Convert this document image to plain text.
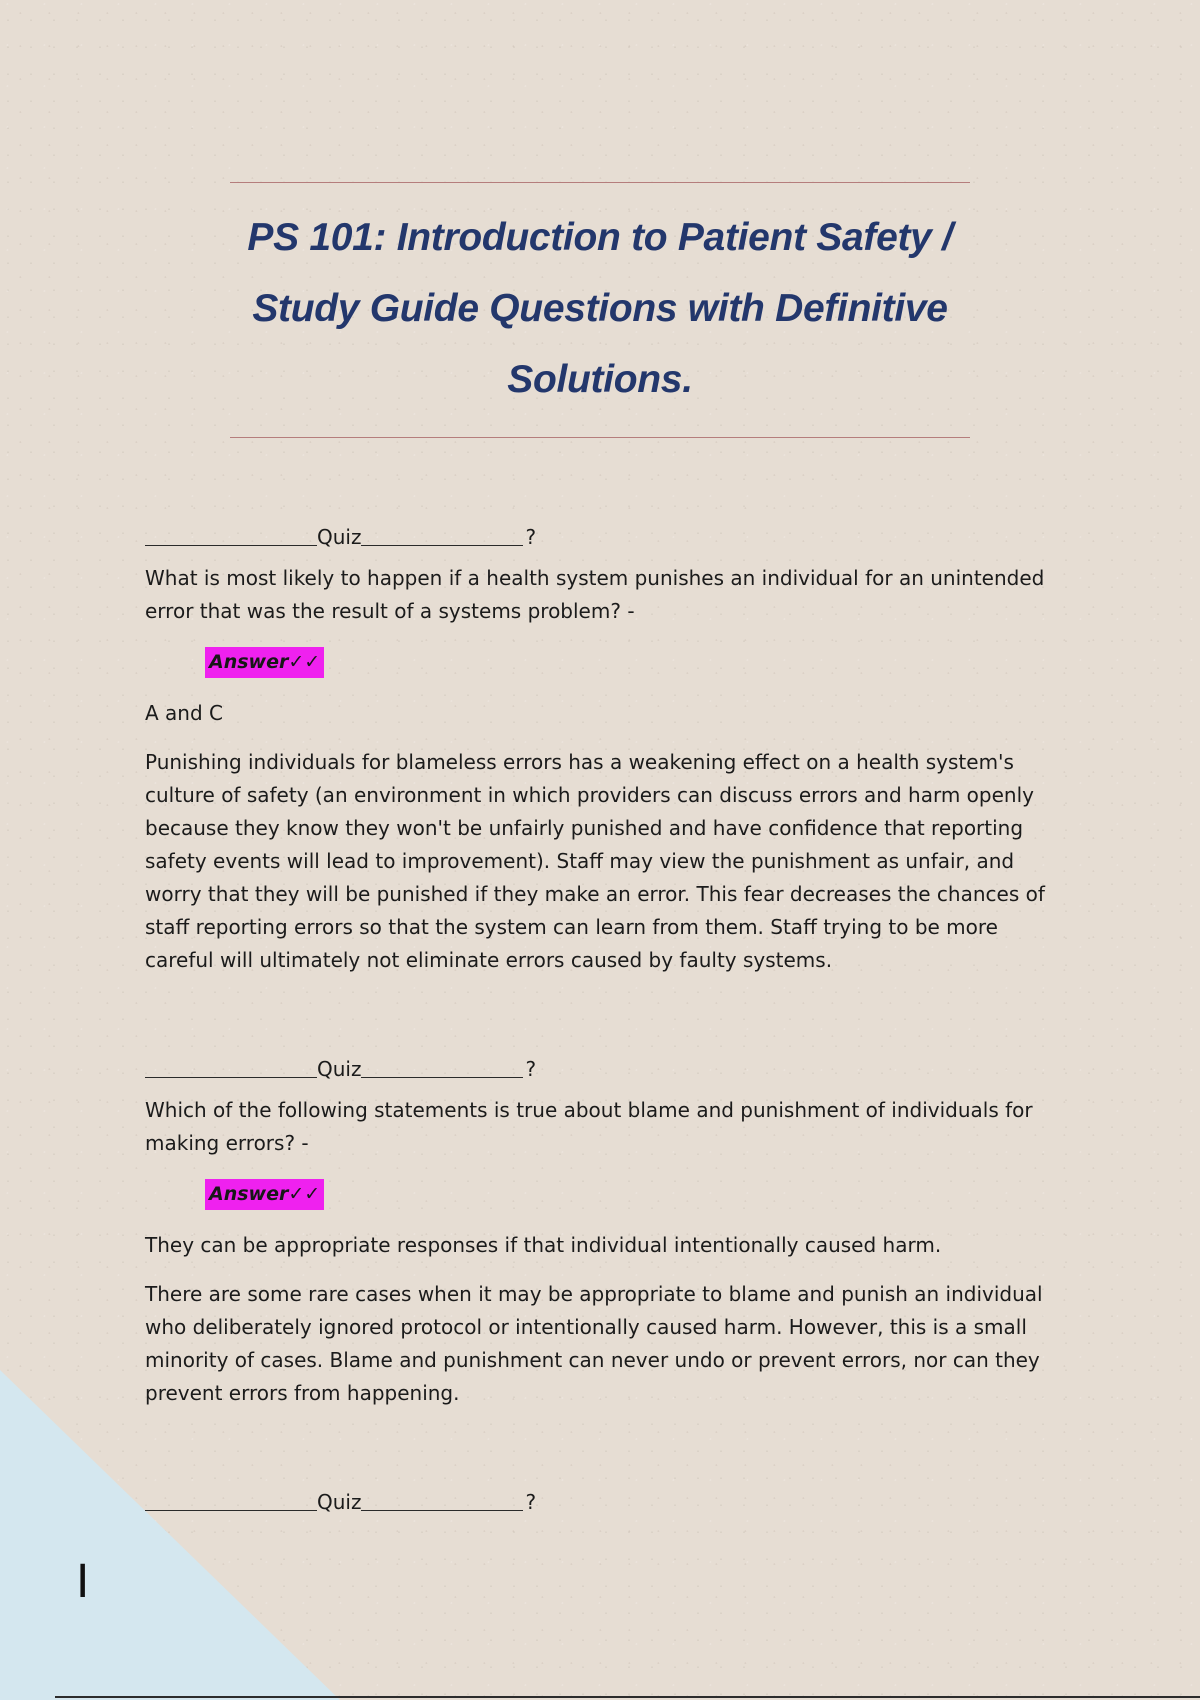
PS 101: Introduction to Patient Safety / Study Guide Questions with Definitive Solutions.
Quiz	?

What is most likely to happen if a health system punishes an individual for an unintended error that was the result of a systems problem? -

Answer✓✓

A and C

Punishing individuals for blameless errors has a weakening effect on a health system's culture of safety (an environment in which providers can discuss errors and harm openly because they know they won't be unfairly punished and have confidence that reporting safety events will lead to improvement). Staff may view the punishment as unfair, and worry that they will be punished if they make an error. This fear decreases the chances of staff reporting errors so that the system can learn from them. Staff trying to be more careful will ultimately not eliminate errors caused by faulty systems.

Quiz	?

Which of the following statements is true about blame and punishment of individuals for making errors? -

Answer✓✓

They can be appropriate responses if that individual intentionally caused harm.

There are some rare cases when it may be appropriate to blame and punish an individual who deliberately ignored protocol or intentionally caused harm. However, this is a small minority of cases. Blame and punishment can never undo or prevent errors, nor can they prevent errors from happening.

Quiz	?
I
